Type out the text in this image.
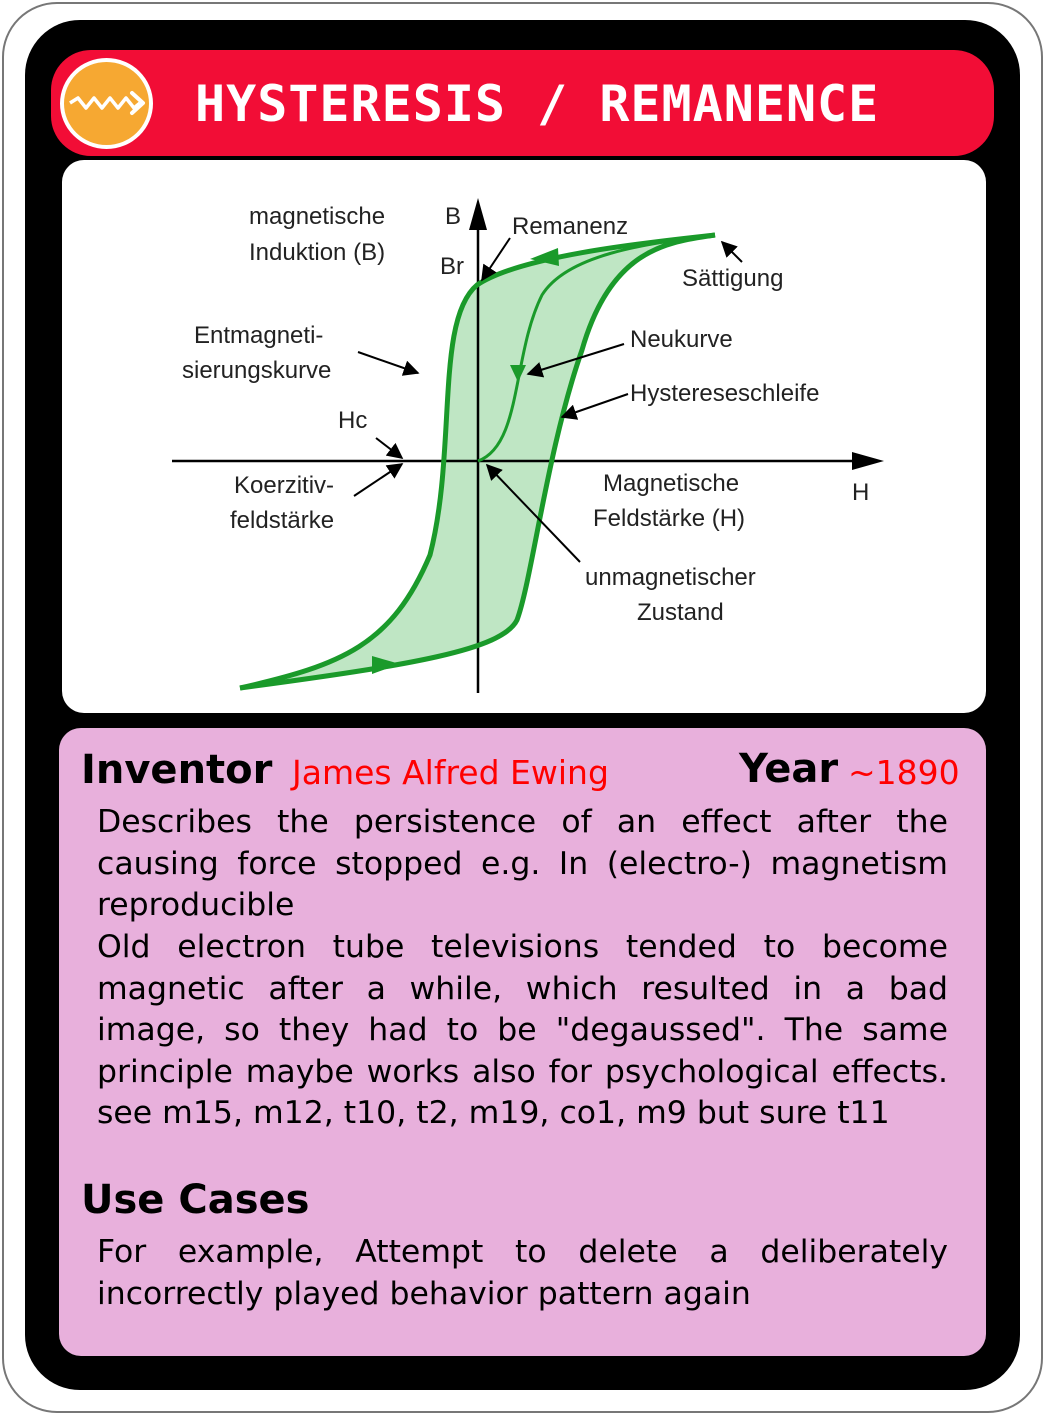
HYSTERESIS / REMANENCE
magnetische Induktion (B)
B
Br
Remanenz
Sättigung
Entmagneti- sierungskurve
Neukurve
Hystereseschleife
Hc
Koerzitiv- feldstärke
Magnetische Feldstärke (H)
H
unmagnetischer Zustand
Inventor James Alfred Ewing	Year ~1890
Describes the persistence of an effect after the causing force stopped e.g. In (electro-) magnetism reproducible
Old electron tube televisions tended to become magnetic after a while, which resulted in a bad image, so they had to be "degaussed". The same principle maybe works also for psychological effects. see m15, m12, t10, t2, m19, co1, m9 but sure t11
Use Cases
For example, Attempt to delete a deliberately incorrectly played behavior pattern again
